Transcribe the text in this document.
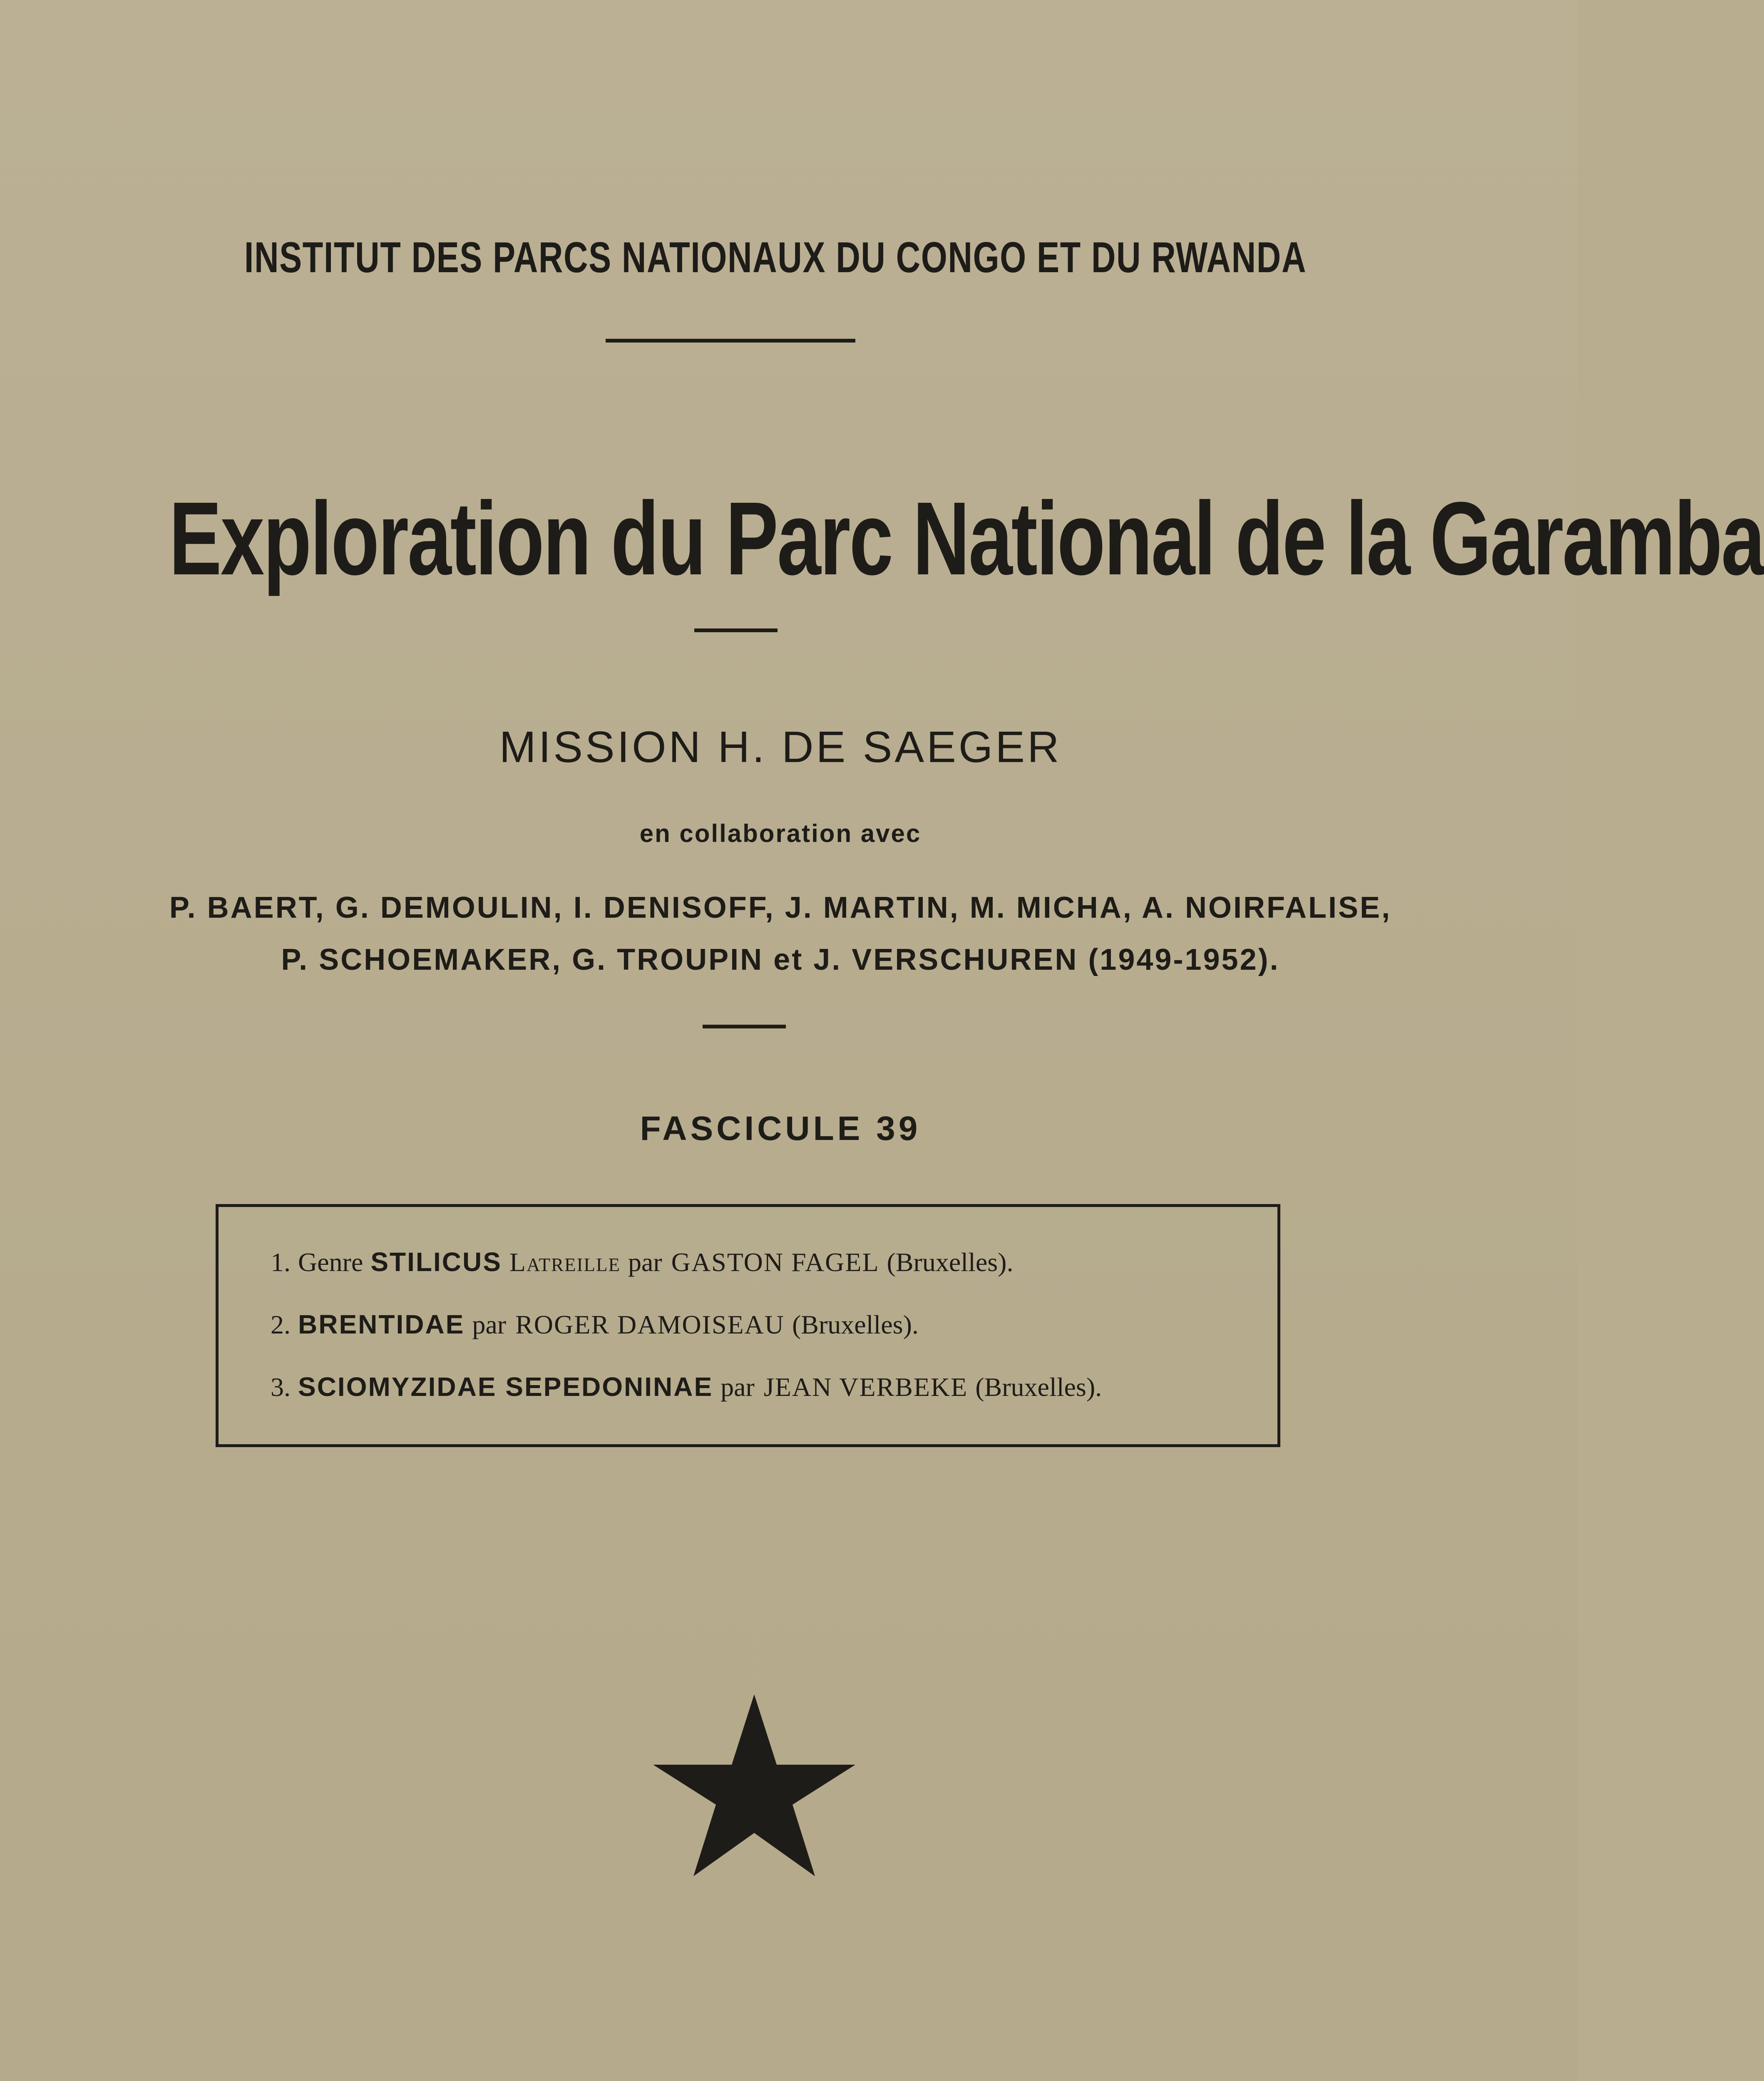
INSTITUT DES PARCS NATIONAUX DU CONGO ET DU RWANDA
Exploration du Parc National de la Garamba
MISSION H. DE SAEGER
en collaboration avec
P. BAERT, G. DEMOULIN, I. DENISOFF, J. MARTIN, M. MICHA, A. NOIRFALISE,
P. SCHOEMAKER, G. TROUPIN et J. VERSCHUREN (1949-1952).
FASCICULE 39
1. Genre STILICUS Latreille par GASTON FAGEL (Bruxelles).
2. BRENTIDAE par ROGER DAMOISEAU (Bruxelles).
3. SCIOMYZIDAE SEPEDONINAE par JEAN VERBEKE (Bruxelles).
